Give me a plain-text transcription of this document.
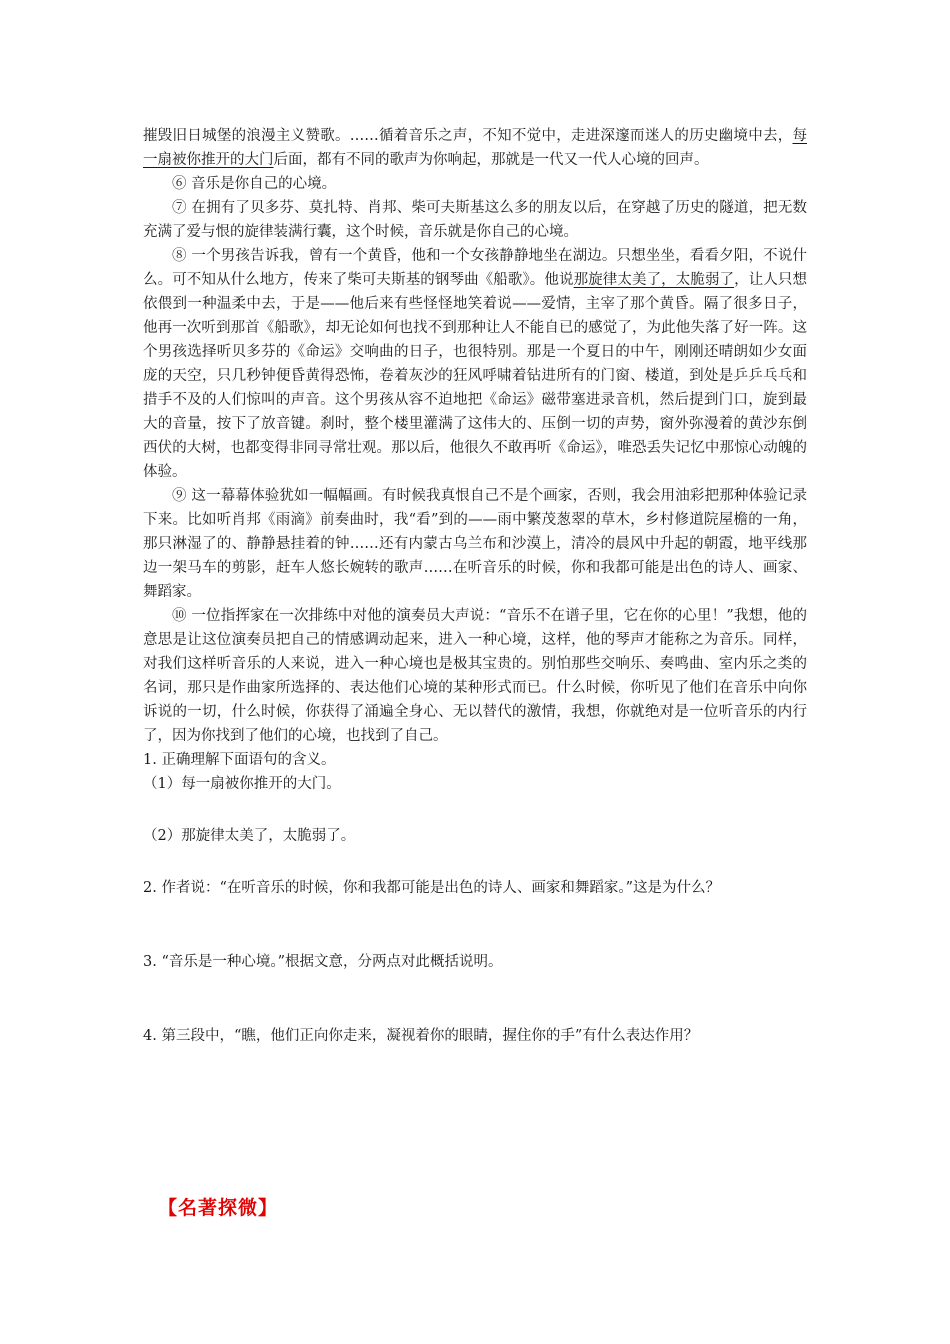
摧毁旧日城堡的浪漫主义赞歌。……循着音乐之声，不知不觉中，走进深邃而迷人的历史幽境中去，每一扇被你推开的大门后面，都有不同的歌声为你响起，那就是一代又一代人心境的回声。

⑥ 音乐是你自己的心境。

⑦ 在拥有了贝多芬、莫扎特、肖邦、柴可夫斯基这么多的朋友以后，在穿越了历史的隧道，把无数充满了爱与恨的旋律装满行囊，这个时候，音乐就是你自己的心境。

⑧ 一个男孩告诉我，曾有一个黄昏，他和一个女孩静静地坐在湖边。只想坐坐，看看夕阳，不说什么。可不知从什么地方，传来了柴可夫斯基的钢琴曲《船歌》。他说那旋律太美了，太脆弱了，让人只想依偎到一种温柔中去，于是——他后来有些怪怪地笑着说——爱情，主宰了那个黄昏。隔了很多日子，他再一次听到那首《船歌》，却无论如何也找不到那种让人不能自已的感觉了，为此他失落了好一阵。这个男孩选择听贝多芬的《命运》交响曲的日子，也很特别。那是一个夏日的中午，刚刚还晴朗如少女面庞的天空，只几秒钟便昏黄得恐怖，卷着灰沙的狂风呼啸着钻进所有的门窗、楼道，到处是乒乒乓乓和措手不及的人们惊叫的声音。这个男孩从容不迫地把《命运》磁带塞进录音机，然后提到门口，旋到最大的音量，按下了放音键。刹时，整个楼里灌满了这伟大的、压倒一切的声势，窗外弥漫着的黄沙东倒西伏的大树，也都变得非同寻常壮观。那以后，他很久不敢再听《命运》，唯恐丢失记忆中那惊心动魄的体验。

⑨ 这一幕幕体验犹如一幅幅画。有时候我真恨自己不是个画家，否则，我会用油彩把那种体验记录下来。比如听肖邦《雨滴》前奏曲时，我“看”到的——雨中繁茂葱翠的草木，乡村修道院屋檐的一角，那只淋湿了的、静静悬挂着的钟……还有内蒙古乌兰布和沙漠上，清冷的晨风中升起的朝霞，地平线那边一架马车的剪影，赶车人悠长婉转的歌声……在听音乐的时候，你和我都可能是出色的诗人、画家、舞蹈家。

⑩ 一位指挥家在一次排练中对他的演奏员大声说：“音乐不在谱子里，它在你的心里！”我想，他的意思是让这位演奏员把自己的情感调动起来，进入一种心境，这样，他的琴声才能称之为音乐。同样，对我们这样听音乐的人来说，进入一种心境也是极其宝贵的。别怕那些交响乐、奏鸣曲、室内乐之类的名词，那只是作曲家所选择的、表达他们心境的某种形式而已。什么时候，你听见了他们在音乐中向你诉说的一切，什么时候，你获得了涌遍全身心、无以替代的激情，我想，你就绝对是一位听音乐的内行了，因为你找到了他们的心境，也找到了自己。

1. 正确理解下面语句的含义。

（1）每一扇被你推开的大门。

（2）那旋律太美了，太脆弱了。

2. 作者说：“在听音乐的时候，你和我都可能是出色的诗人、画家和舞蹈家。”这是为什么？

3. “音乐是一种心境。”根据文意，分两点对此概括说明。

4. 第三段中，“瞧，他们正向你走来，凝视着你的眼睛，握住你的手”有什么表达作用？

【名著探微】
